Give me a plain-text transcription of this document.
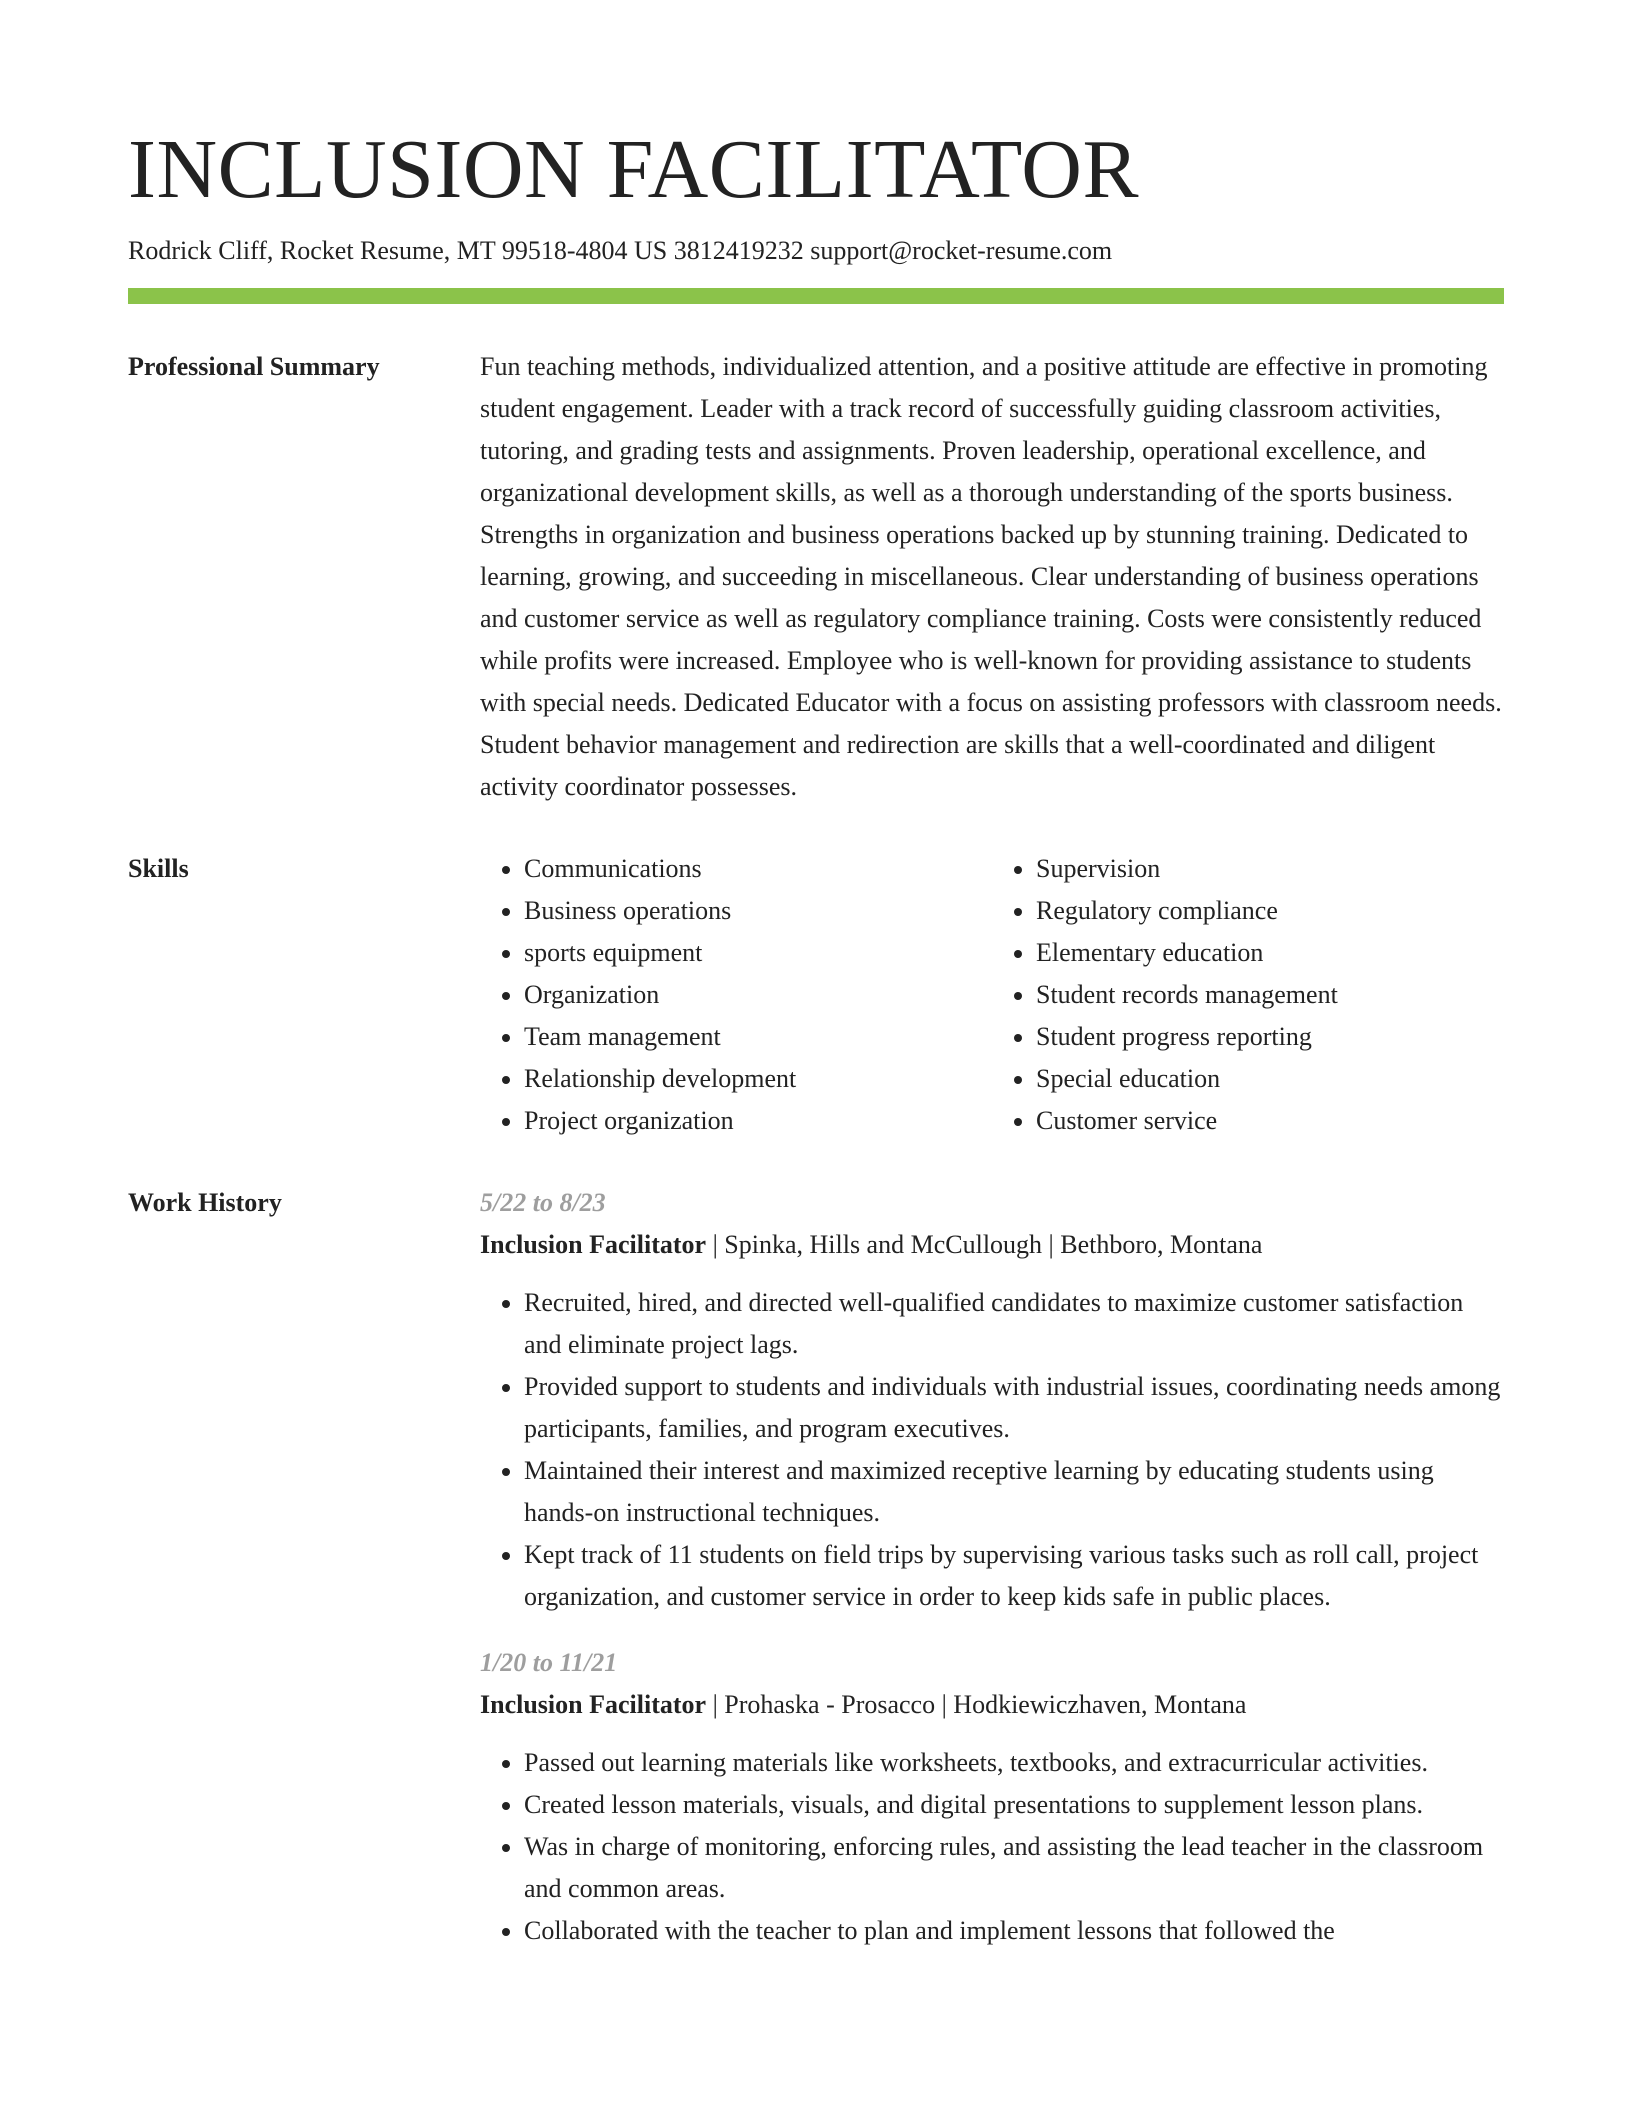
INCLUSION FACILITATOR
Rodrick Cliff, Rocket Resume, MT 99518-4804 US 3812419232 support@rocket-resume.com
Professional Summary	Fun teaching methods, individualized attention, and a positive attitude are effective in promoting student engagement. Leader with a track record of successfully guiding classroom activities, tutoring, and grading tests and assignments. Proven leadership, operational excellence, and organizational development skills, as well as a thorough understanding of the sports business. Strengths in organization and business operations backed up by stunning training. Dedicated to learning, growing, and succeeding in miscellaneous. Clear understanding of business operations and customer service as well as regulatory compliance training. Costs were consistently reduced while profits were increased. Employee who is well-known for providing assistance to students with special needs. Dedicated Educator with a focus on assisting professors with classroom needs. Student behavior management and redirection are skills that a well-coordinated and diligent activity coordinator possesses.

Skills
•	Communications
• Business operations
• sports equipment
• Organization
• Team management
• Relationship development
• Project organization
• Supervision
• Regulatory compliance
• Elementary education
• Student records management
• Student progress reporting
• Special education
• Customer service
Work History	5/22 to 8/23
Inclusion Facilitator | Spinka, Hills and McCullough | Bethboro, Montana
• Recruited, hired, and directed well-qualified candidates to maximize customer satisfaction and eliminate project lags.
• Provided support to students and individuals with industrial issues, coordinating needs among participants, families, and program executives.
• Maintained their interest and maximized receptive learning by educating students using hands-on instructional techniques.
• Kept track of 11 students on field trips by supervising various tasks such as roll call, project organization, and customer service in order to keep kids safe in public places.
1/20 to 11/21
Inclusion Facilitator | Prohaska - Prosacco | Hodkiewiczhaven, Montana
• Passed out learning materials like worksheets, textbooks, and extracurricular activities.
• Created lesson materials, visuals, and digital presentations to supplement lesson plans.
• Was in charge of monitoring, enforcing rules, and assisting the lead teacher in the classroom and common areas.
• Collaborated with the teacher to plan and implement lessons that followed the
